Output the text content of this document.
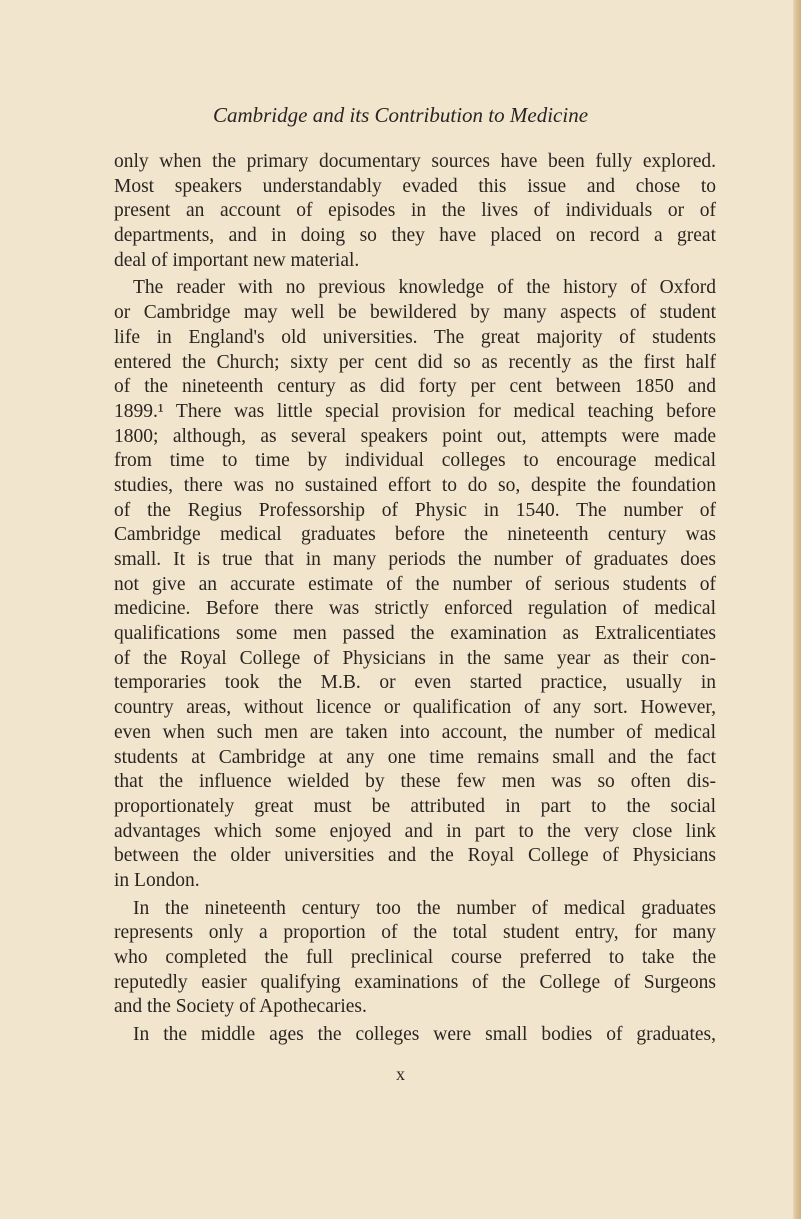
Cambridge and its Contribution to Medicine
only when the primary documentary sources have been fully explored.
Most speakers understandably evaded this issue and chose to
present an account of episodes in the lives of individuals or of
departments, and in doing so they have placed on record a great
deal of important new material.
The reader with no previous knowledge of the history of Oxford
or Cambridge may well be bewildered by many aspects of student
life in England's old universities. The great majority of students
entered the Church; sixty per cent did so as recently as the first half
of the nineteenth century as did forty per cent between 1850 and
1899.¹ There was little special provision for medical teaching before
1800; although, as several speakers point out, attempts were made
from time to time by individual colleges to encourage medical
studies, there was no sustained effort to do so, despite the foundation
of the Regius Professorship of Physic in 1540. The number of
Cambridge medical graduates before the nineteenth century was
small. It is true that in many periods the number of graduates does
not give an accurate estimate of the number of serious students of
medicine. Before there was strictly enforced regulation of medical
qualifications some men passed the examination as Extralicentiates
of the Royal College of Physicians in the same year as their con-
temporaries took the M.B. or even started practice, usually in
country areas, without licence or qualification of any sort. However,
even when such men are taken into account, the number of medical
students at Cambridge at any one time remains small and the fact
that the influence wielded by these few men was so often dis-
proportionately great must be attributed in part to the social
advantages which some enjoyed and in part to the very close link
between the older universities and the Royal College of Physicians
in London.
In the nineteenth century too the number of medical graduates
represents only a proportion of the total student entry, for many
who completed the full preclinical course preferred to take the
reputedly easier qualifying examinations of the College of Surgeons
and the Society of Apothecaries.
In the middle ages the colleges were small bodies of graduates,
x
